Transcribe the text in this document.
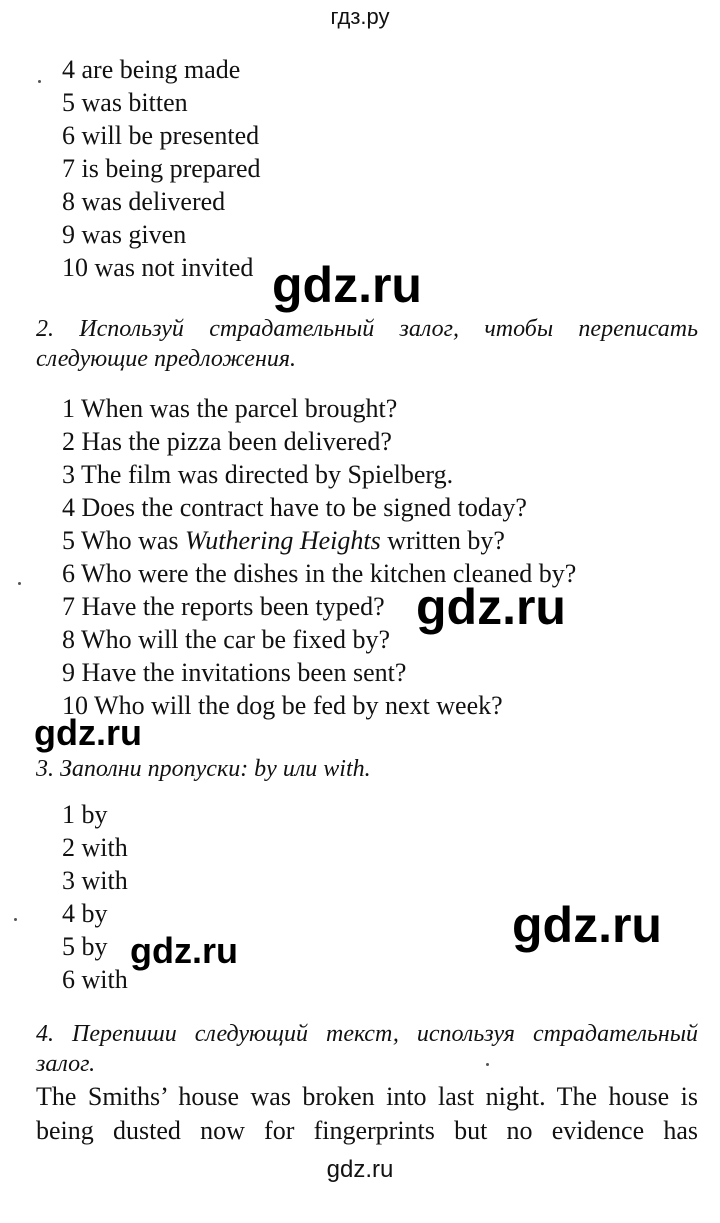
гдз.ру
4 are being made
5 was bitten
6 will be presented
7 is being prepared
8 was delivered
9 was given
10 was not invited gdz.ru
2. Используй страдательный залог, чтобы переписать следующие предложения.
1 When was the parcel brought?
2 Has the pizza been delivered?
3 The film was directed by Spielberg.
4 Does the contract have to be signed today?
5 Who was Wuthering Heights written by?
6 Who were the dishes in the kitchen cleaned by?
7 Have the reports been typed?
8 Who will the car be fixed by?
9 Have the invitations been sent?
10 Who will the dog be fed by next week?
gdz.ru
gdz.ru
3. Заполни пропуски: by или with.
1 by
2 with
3 with
4 by
5 by
6 with
gdz.ru
gdz.ru
4. Перепиши следующий текст, используя страдательный залог.
The Smiths’ house was broken into last night. The house is being dusted now for fingerprints but no evidence has
gdz.ru
